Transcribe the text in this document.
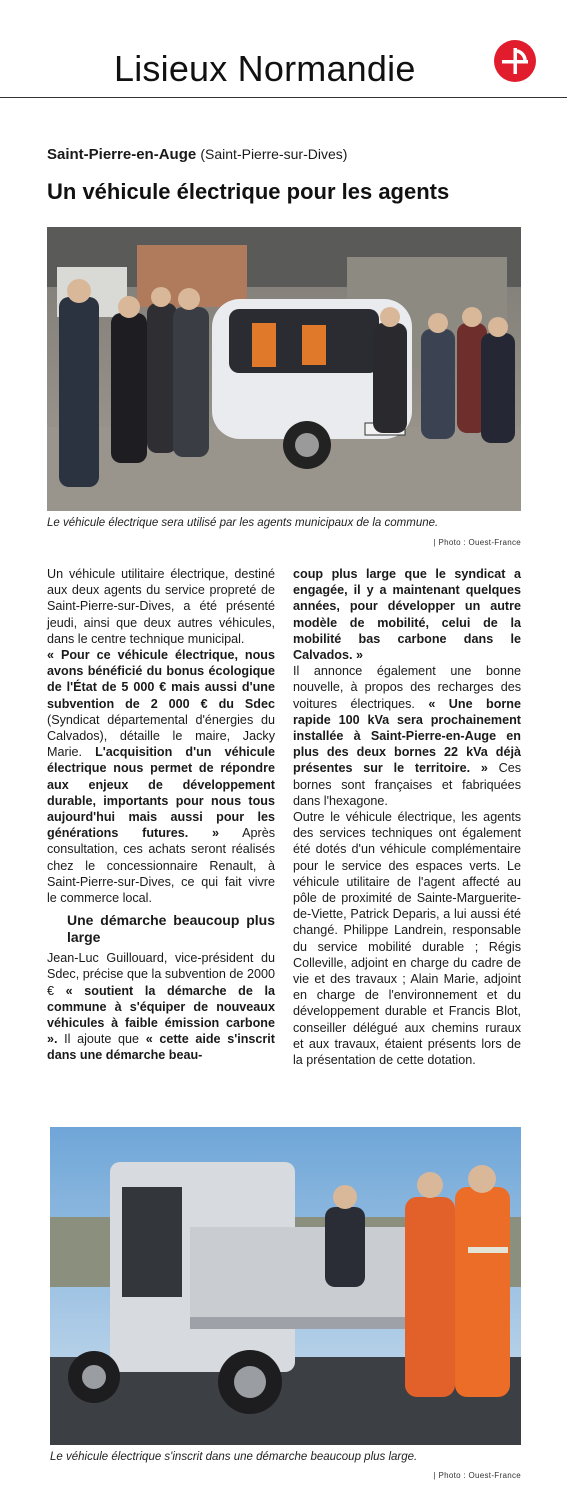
Lisieux Normandie
Saint-Pierre-en-Auge (Saint-Pierre-sur-Dives)
Un véhicule électrique pour les agents
Le véhicule électrique sera utilisé par les agents municipaux de la commune.
| Photo : Ouest-France

Un véhicule utilitaire électrique, destiné aux deux agents du service propreté de Saint-Pierre-sur-Dives, a été présenté jeudi, ainsi que deux autres véhicules, dans le centre technique municipal.

« Pour ce véhicule électrique, nous avons bénéficié du bonus écologique de l'État de 5 000 € mais aussi d'une subvention de 2 000 € du Sdec (Syndicat départemental d'énergies du Calvados), détaille le maire, Jacky Marie. L'acquisition d'un véhicule électrique nous permet de répondre aux enjeux de développement durable, importants pour nous tous aujourd'hui mais aussi pour les générations futures. » Après consultation, ces achats seront réalisés chez le concessionnaire Renault, à Saint-Pierre-sur-Dives, ce qui fait vivre le commerce local.

Une démarche beaucoup plus large

Jean-Luc Guillouard, vice-président du Sdec, précise que la subvention de 2000 € « soutient la démarche de la commune à s'équiper de nouveaux véhicules à faible émission carbone ». Il ajoute que « cette aide s'inscrit dans une démarche beau-

coup plus large que le syndicat a engagée, il y a maintenant quelques années, pour développer un autre modèle de mobilité, celui de la mobilité bas carbone dans le Calvados. »

Il annonce également une bonne nouvelle, à propos des recharges des voitures électriques. « Une borne rapide 100 kVa sera prochainement installée à Saint-Pierre-en-Auge en plus des deux bornes 22 kVa déjà présentes sur le territoire. » Ces bornes sont françaises et fabriquées dans l'hexagone.

Outre le véhicule électrique, les agents des services techniques ont également été dotés d'un véhicule complémentaire pour le service des espaces verts. Le véhicule utilitaire de l'agent affecté au pôle de proximité de Sainte-Marguerite-de-Viette, Patrick Deparis, a lui aussi été changé. Philippe Landrein, responsable du service mobilité durable ; Régis Colleville, adjoint en charge du cadre de vie et des travaux ; Alain Marie, adjoint en charge de l'environnement et du développement durable et Francis Blot, conseiller délégué aux chemins ruraux et aux travaux, étaient présents lors de la présentation de cette dotation.

Le véhicule électrique s'inscrit dans une démarche beaucoup plus large.
| Photo : Ouest-France
